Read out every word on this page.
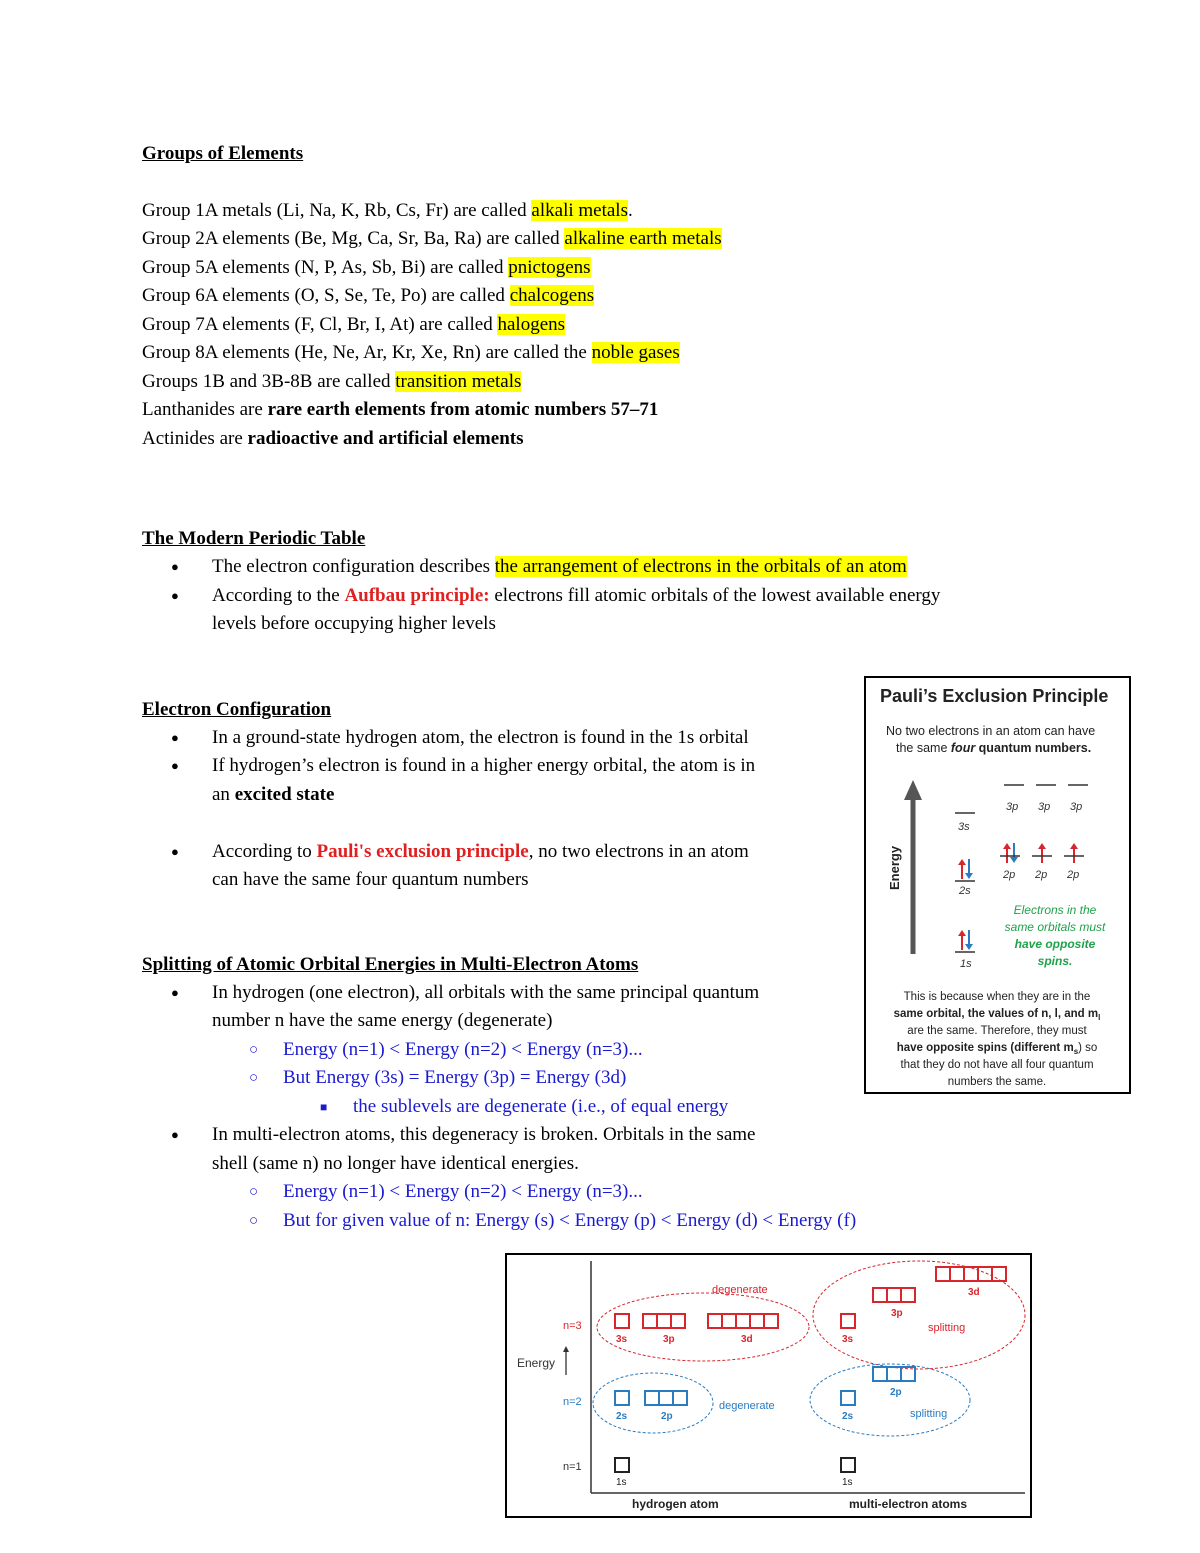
Groups of Elements
Group 1A metals (Li, Na, K, Rb, Cs, Fr) are called alkali metals.
Group 2A elements (Be, Mg, Ca, Sr, Ba, Ra) are called alkaline earth metals
Group 5A elements (N, P, As, Sb, Bi) are called pnictogens
Group 6A elements (O, S, Se, Te, Po) are called chalcogens
Group 7A elements (F, Cl, Br, I, At) are called halogens
Group 8A elements (He, Ne, Ar, Kr, Xe, Rn) are called the noble gases
Groups 1B and 3B-8B are called transition metals
Lanthanides are rare earth elements from atomic numbers 57–71
Actinides are radioactive and artificial elements
The Modern Periodic Table
● The electron configuration describes the arrangement of electrons in the orbitals of an atom
● According to the Aufbau principle: electrons fill atomic orbitals of the lowest available energy
levels before occupying higher levels
Electron Configuration
● In a ground-state hydrogen atom, the electron is found in the 1s orbital
● If hydrogen’s electron is found in a higher energy orbital, the atom is in
an excited state
● According to Pauli's exclusion principle, no two electrons in an atom
can have the same four quantum numbers
Splitting of Atomic Orbital Energies in Multi-Electron Atoms
● In hydrogen (one electron), all orbitals with the same principal quantum
number n have the same energy (degenerate)
○ Energy (n=1) < Energy (n=2) < Energy (n=3)...
○ But Energy (3s) = Energy (3p) = Energy (3d)
■ the sublevels are degenerate (i.e., of equal energy
● In multi-electron atoms, this degeneracy is broken. Orbitals in the same
shell (same n) no longer have identical energies.
○ Energy (n=1) < Energy (n=2) < Energy (n=3)...
○ But for given value of n: Energy (s) < Energy (p) < Energy (d) < Energy (f)
Pauli’s Exclusion Principle
No two electrons in an atom can have
the same four quantum numbers.
Energy
3s
3p 3p 3p
2s
2p 2p 2p
1s
Electrons in the
same orbitals must
have opposite
spins.
This is because when they are in the
same orbital, the values of n, l, and $m_l$
are the same. Therefore, they must
have opposite spins (different $m_s$) so
that they do not have all four quantum
numbers the same.
n=3
n=2
n=1
Energy
3s	3p	3d
degenerate
2s	2p
degenerate
1s
3s
3p
3d
splitting
2s
2p
splitting
1s
hydrogen atom	multi-electron atoms
